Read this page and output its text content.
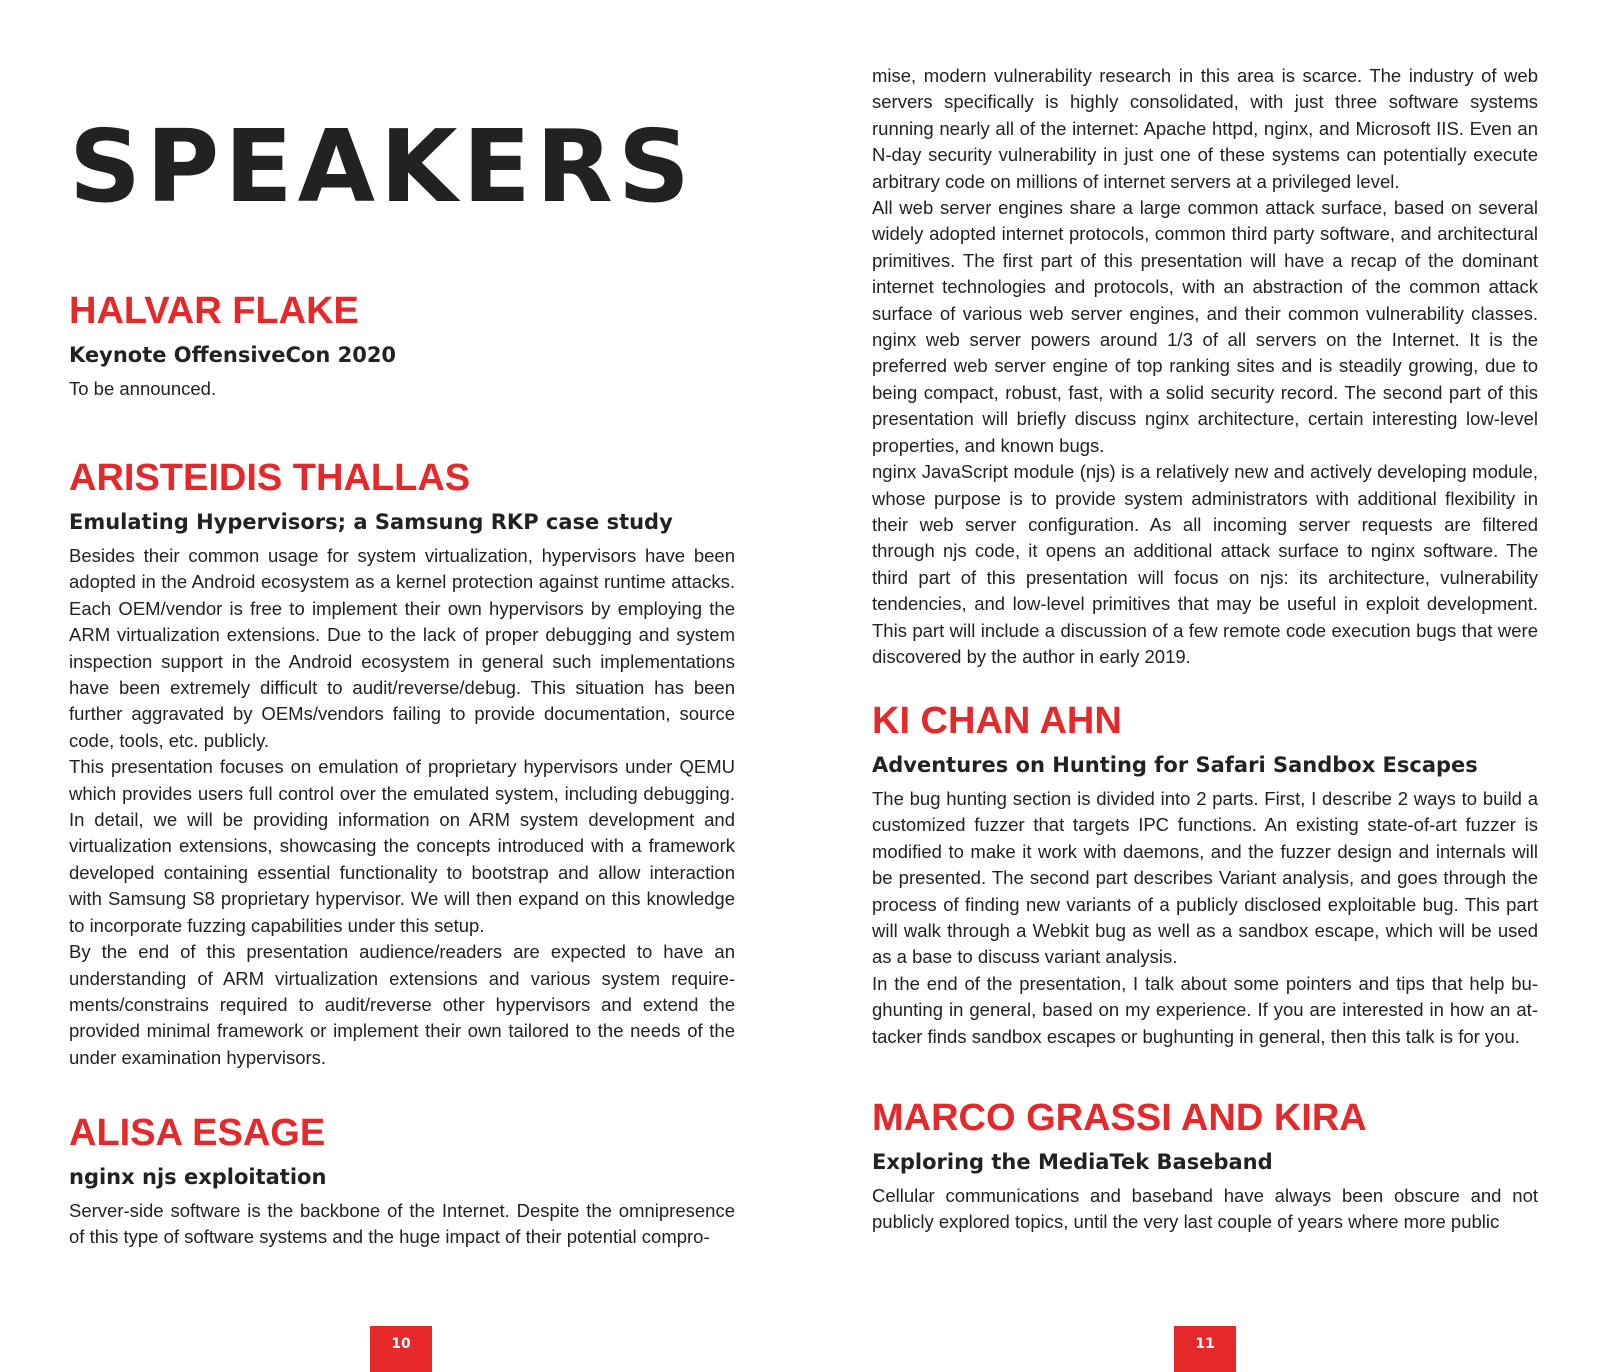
SPEAKERS
HALVAR FLAKE
Keynote OffensiveCon 2020

To be announced.

ARISTEIDIS THALLAS
Emulating Hypervisors; a Samsung RKP case study

Besides their common usage for system virtualization, hypervisors have been adopted in the Android ecosystem as a kernel protection against runtime attacks. Each OEM/vendor is free to implement their own hypervisors by employing the ARM virtualization extensions. Due to the lack of proper debugging and system inspection support in the Android ecosystem in general such implementations have been extremely difficult to audit/reverse/debug. This situation has been further aggravated by OEMs/vendors failing to provide documentation, source code, tools, etc. publicly.

This presentation focuses on emulation of proprietary hypervisors under QEMU which provides users full control over the emulated system, including debugging. In detail, we will be providing information on ARM system development and virtualization extensions, showcasing the concepts introduced with a framework developed containing essential functionality to bootstrap and allow interaction with Samsung S8 proprietary hypervisor. We will then expand on this knowledge to incorporate fuzzing capabilities under this setup.

By the end of this presentation audience/readers are expected to have an understanding of ARM virtualization extensions and various system requirements/constrains required to audit/reverse other hypervisors and extend the provided minimal framework or implement their own tailored to the needs of the under examination hypervisors.

ALISA ESAGE
nginx njs exploitation

Server-side software is the backbone of the Internet. Despite the omnipresence of this type of software systems and the huge impact of their potential compro-

10

mise, modern vulnerability research in this area is scarce. The industry of web servers specifically is highly consolidated, with just three software systems running nearly all of the internet: Apache httpd, nginx, and Microsoft IIS. Even an N-day security vulnerability in just one of these systems can potentially execute arbitrary code on millions of internet servers at a privileged level.

All web server engines share a large common attack surface, based on several widely adopted internet protocols, common third party software, and architectural primitives. The first part of this presentation will have a recap of the dominant internet technologies and protocols, with an abstraction of the common attack surface of various web server engines, and their common vulnerability classes. nginx web server powers around 1/3 of all servers on the Internet. It is the preferred web server engine of top ranking sites and is steadily growing, due to being compact, robust, fast, with a solid security record. The second part of this presentation will briefly discuss nginx architecture, certain interesting low-level properties, and known bugs.

nginx JavaScript module (njs) is a relatively new and actively developing module, whose purpose is to provide system administrators with additional flexibility in their web server configuration. As all incoming server requests are filtered through njs code, it opens an additional attack surface to nginx software. The third part of this presentation will focus on njs: its architecture, vulnerability tendencies, and low-level primitives that may be useful in exploit development. This part will include a discussion of a few remote code execution bugs that were discovered by the author in early 2019.

KI CHAN AHN
Adventures on Hunting for Safari Sandbox Escapes

The bug hunting section is divided into 2 parts. First, I describe 2 ways to build a customized fuzzer that targets IPC functions. An existing state-of-art fuzzer is modified to make it work with daemons, and the fuzzer design and internals will be presented. The second part describes Variant analysis, and goes through the process of finding new variants of a publicly disclosed exploitable bug. This part will walk through a Webkit bug as well as a sandbox escape, which will be used as a base to discuss variant analysis.

In the end of the presentation, I talk about some pointers and tips that help bughunting in general, based on my experience. If you are interested in how an attacker finds sandbox escapes or bughunting in general, then this talk is for you.

MARCO GRASSI AND KIRA
Exploring the MediaTek Baseband

Cellular communications and baseband have always been obscure and not publicly explored topics, until the very last couple of years where more public

11
